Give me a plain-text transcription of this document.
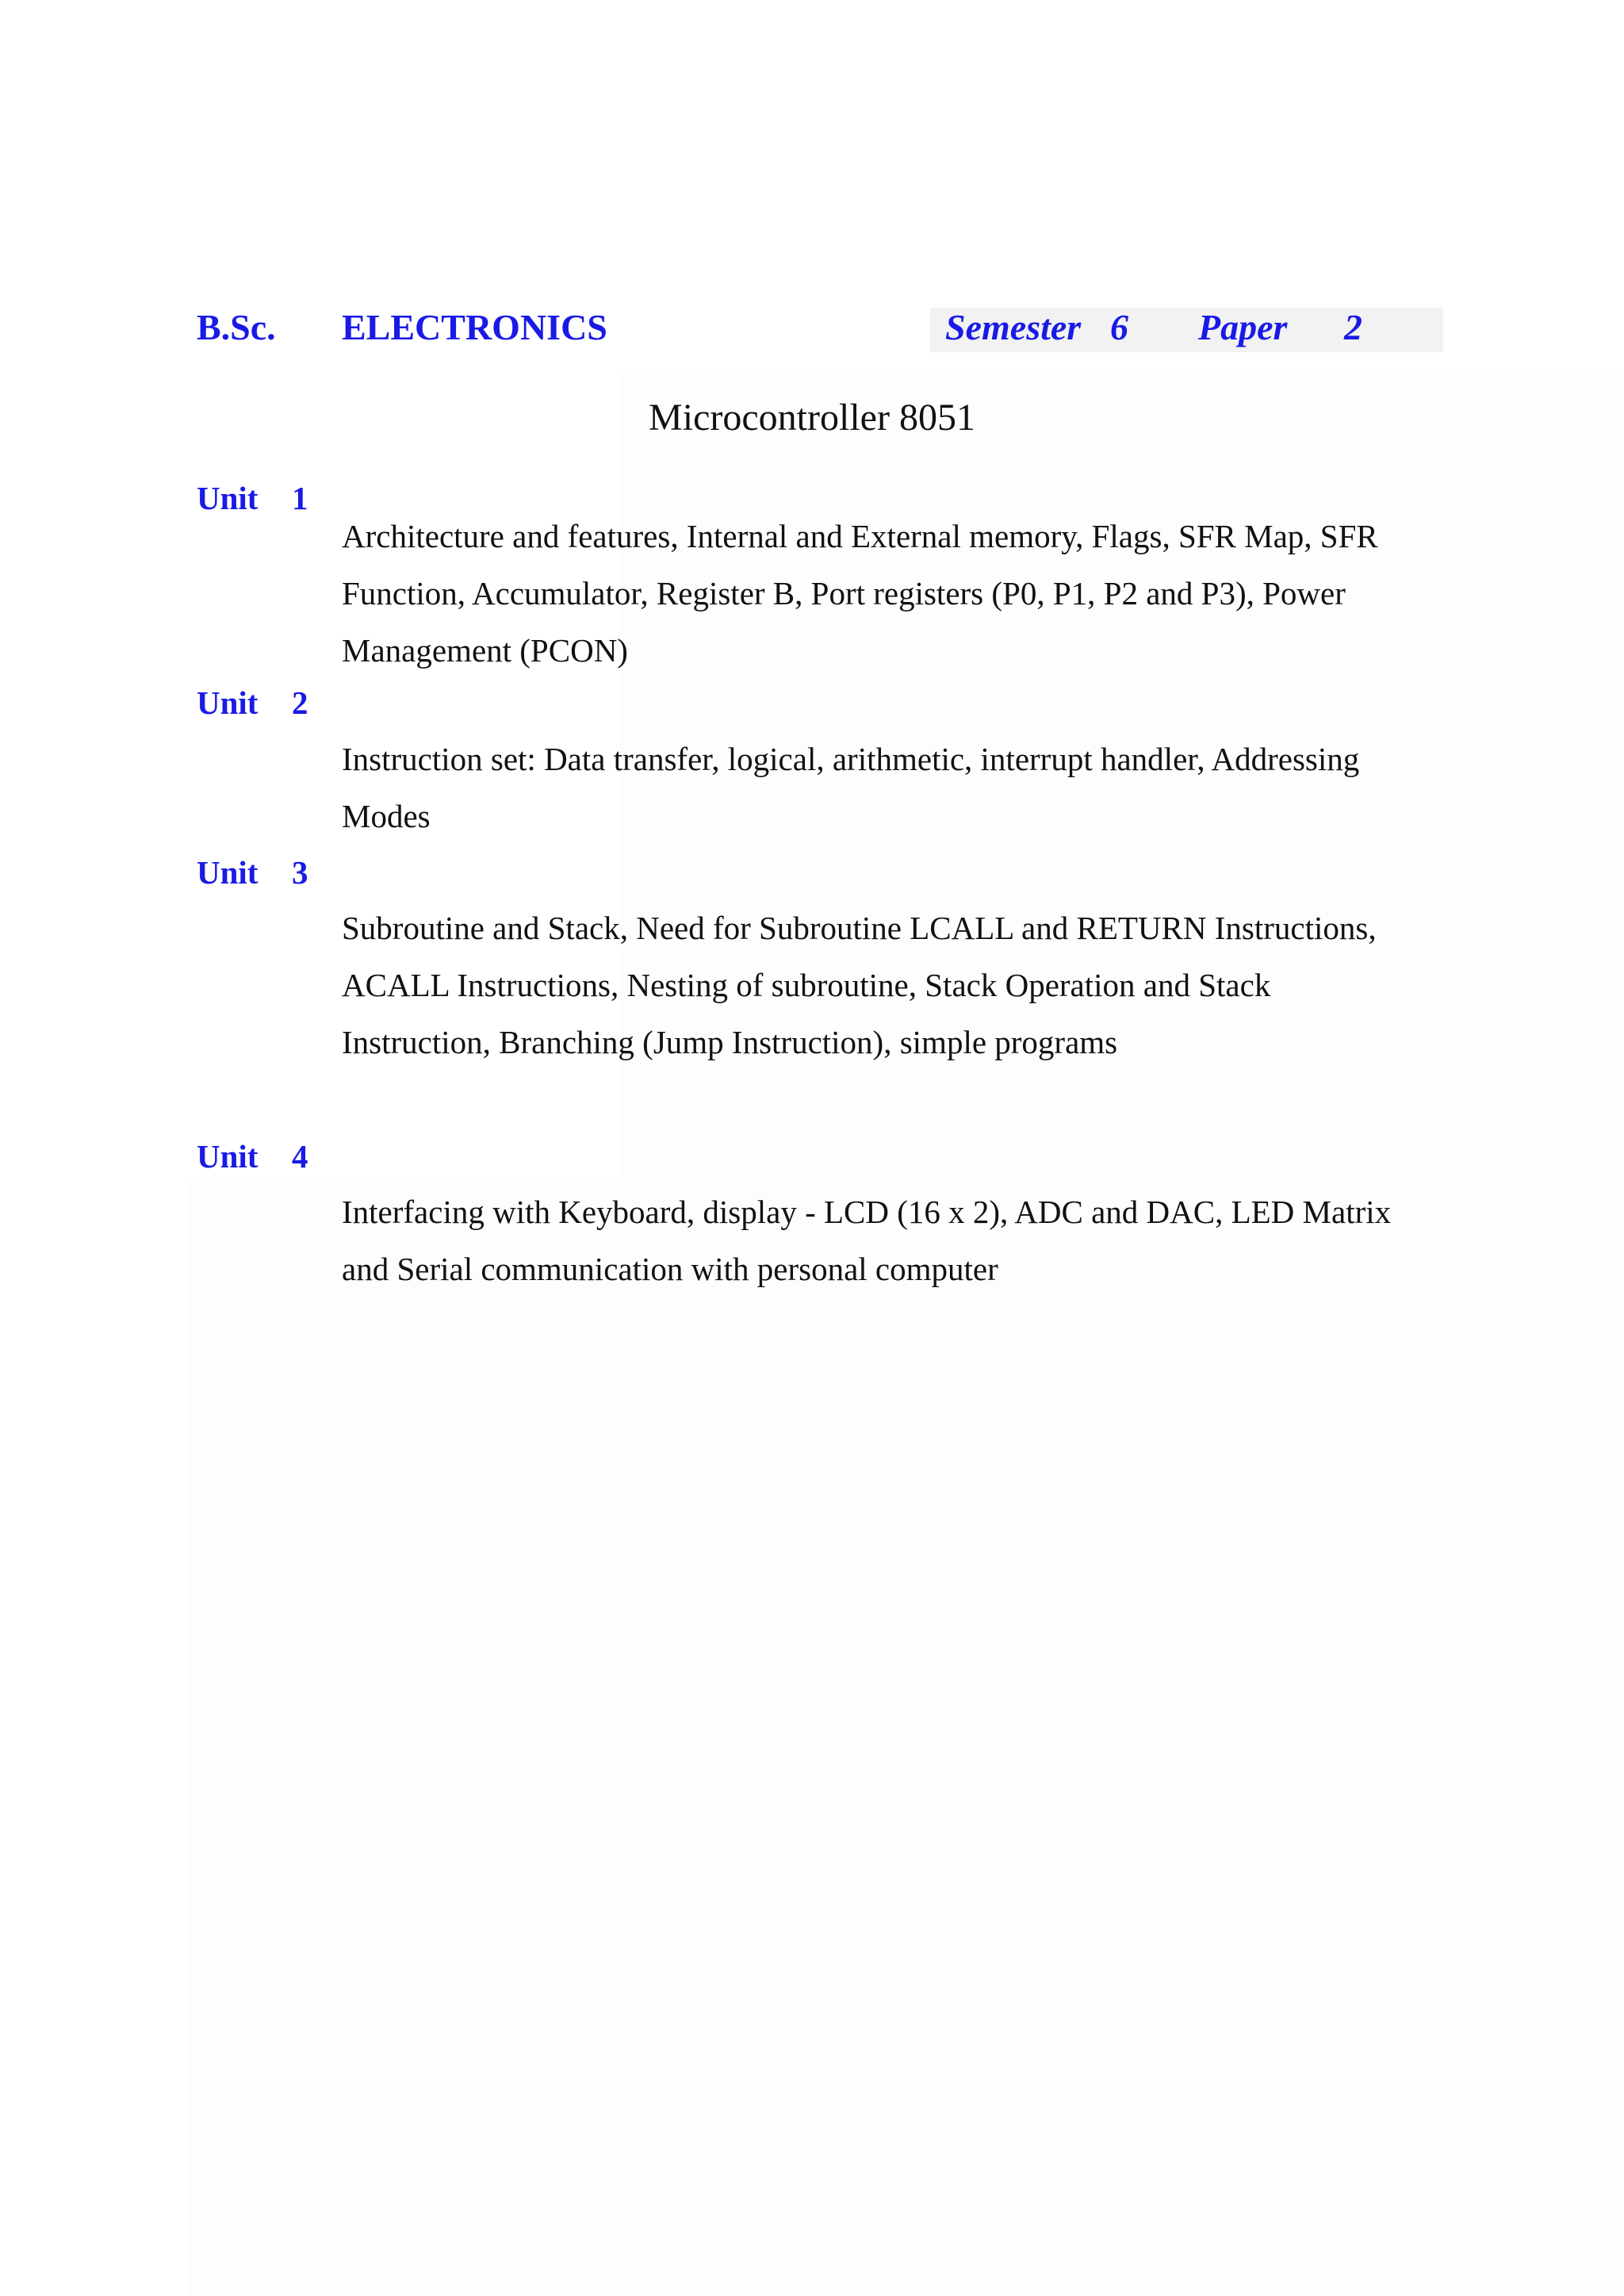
B.Sc. ELECTRONICS	Semester 6 Paper 2
Microcontroller 8051
Unit 1

Architecture and features, Internal and External memory, Flags, SFR Map, SFR

Function, Accumulator, Register B, Port registers (P0, P1, P2 and P3), Power

Management (PCON)

Unit 2

Instruction set: Data transfer, logical, arithmetic, interrupt handler, Addressing

Modes

Unit 3

Subroutine and Stack, Need for Subroutine LCALL and RETURN Instructions,

ACALL Instructions, Nesting of subroutine, Stack Operation and Stack

Instruction, Branching (Jump Instruction), simple programs

Unit 4

Interfacing with Keyboard, display - LCD (16 x 2), ADC and DAC, LED Matrix

and Serial communication with personal computer
